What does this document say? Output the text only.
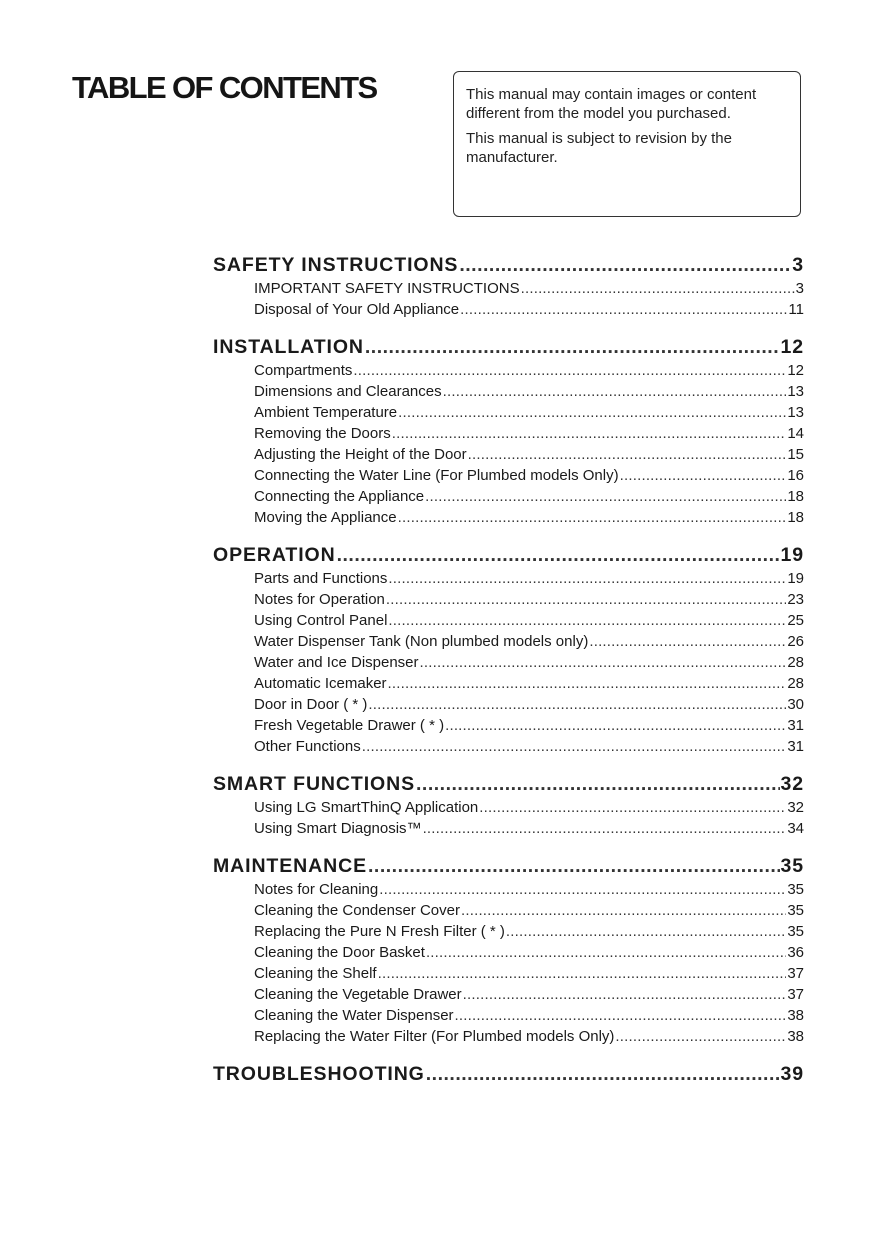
TABLE OF CONTENTS	This manual may contain images or content different from the model you purchased.

This manual is subject to revision by the manufacturer.

SAFETY INSTRUCTIONS .....	3
IMPORTANT SAFETY INSTRUCTIONS .....	3
Disposal of Your Old Appliance .....	11
INSTALLATION .....	12
Compartments .....	12
Dimensions and Clearances .....	13
Ambient Temperature .....	13
Removing the Doors .....	14
Adjusting the Height of the Door .....	15
Connecting the Water Line (For Plumbed models Only) .....	16
Connecting the Appliance .....	18
Moving the Appliance .....	18
OPERATION .....	19
Parts and Functions .....	19
Notes for Operation .....	23
Using Control Panel .....	25
Water Dispenser Tank (Non plumbed models only) .....	26
Water and Ice Dispenser .....	28
Automatic Icemaker .....	28
Door in Door ( * ) .....	30
Fresh Vegetable Drawer ( * ) .....	31
Other Functions .....	31
SMART FUNCTIONS .....	32
Using LG SmartThinQ Application .....	32
Using Smart Diagnosis™ .....	34
MAINTENANCE .....	35
Notes for Cleaning .....	35
Cleaning the Condenser Cover .....	35
Replacing the Pure N Fresh Filter ( * ) .....	35
Cleaning the Door Basket .....	36
Cleaning the Shelf .....	37
Cleaning the Vegetable Drawer .....	37
Cleaning the Water Dispenser .....	38
Replacing the Water Filter (For Plumbed models Only) .....	38
TROUBLESHOOTING .....	39
